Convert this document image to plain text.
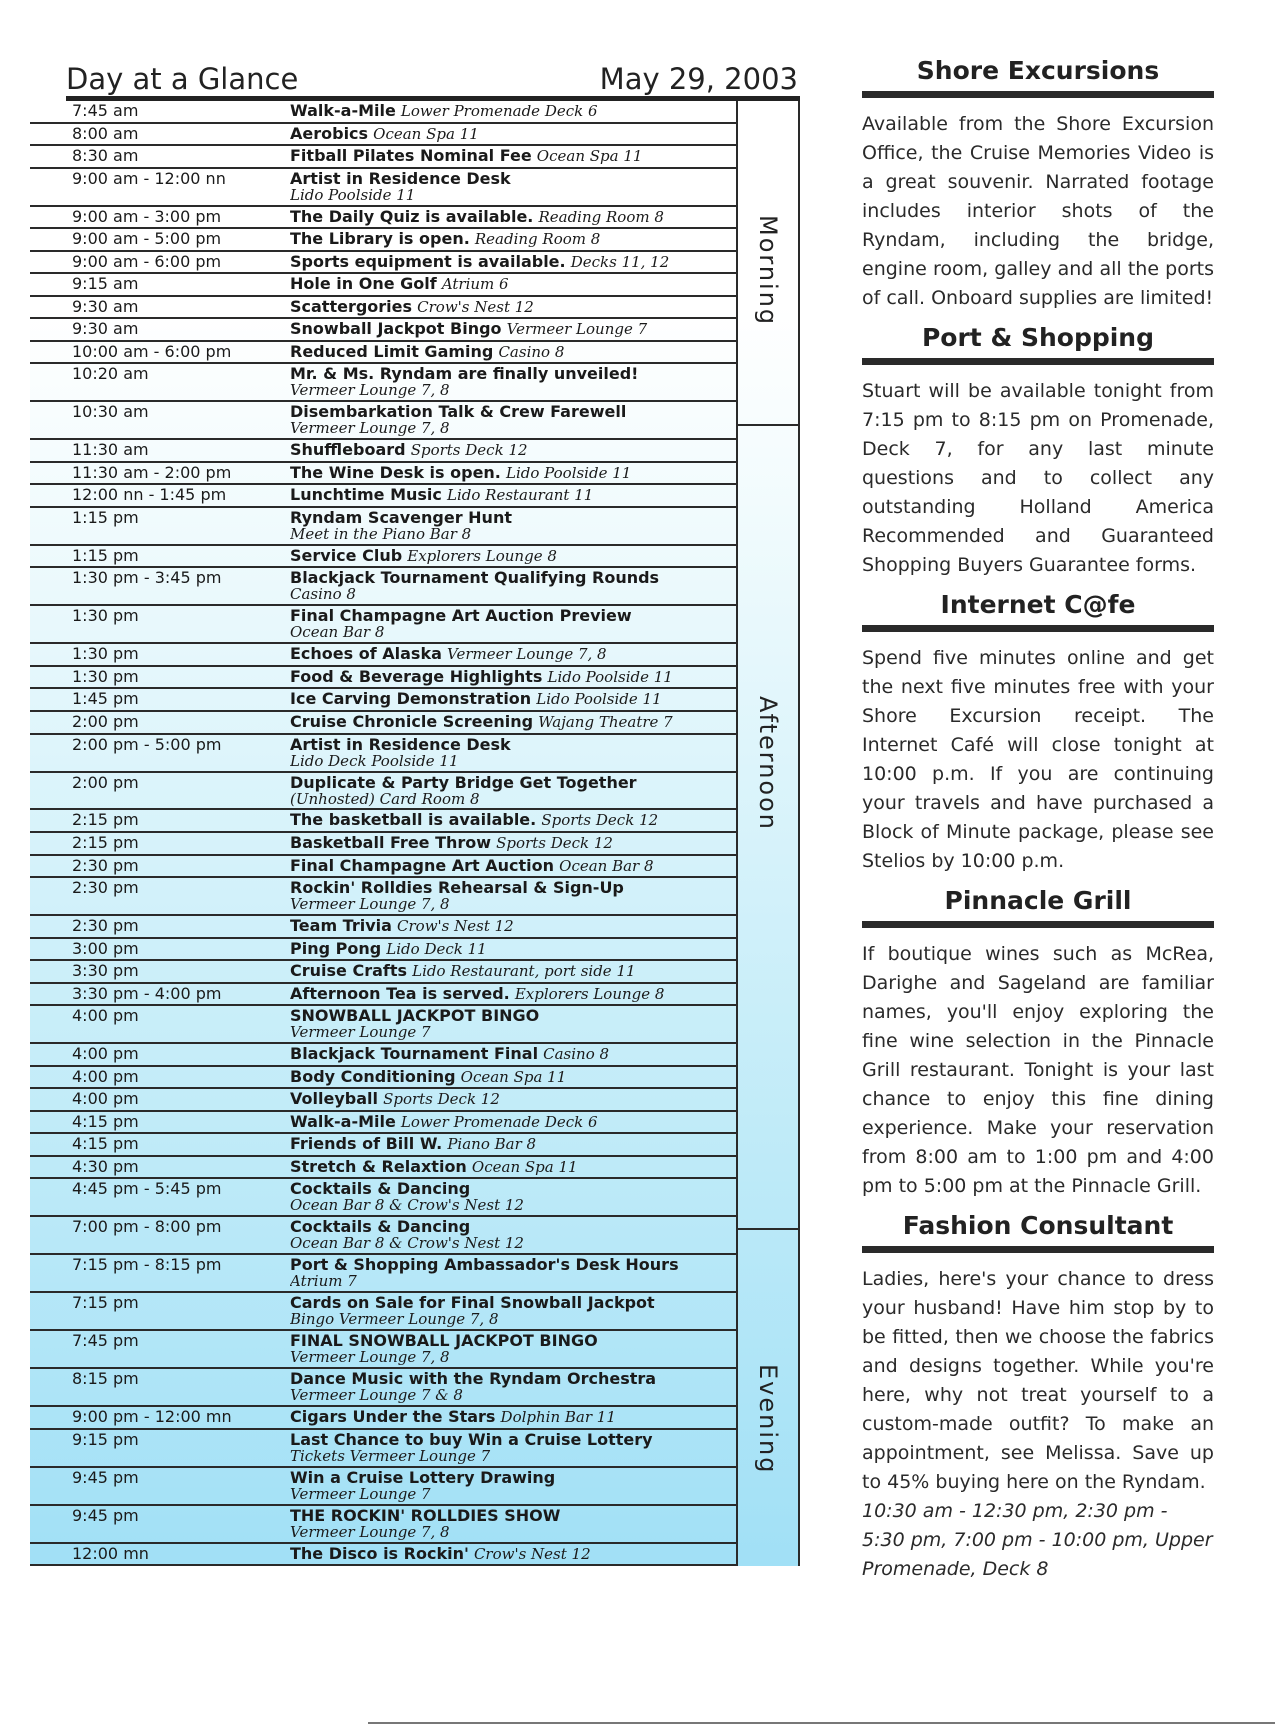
Day at a Glance	May 29, 2003
7:45 am	Walk-a-Mile Lower Promenade Deck 6
8:00 am	Aerobics Ocean Spa 11
8:30 am	Fitball Pilates Nominal Fee Ocean Spa 11
9:00 am - 12:00 nn	Artist in Residence Desk
Lido Poolside 11
9:00 am - 3:00 pm	The Daily Quiz is available. Reading Room 8
9:00 am - 5:00 pm	The Library is open. Reading Room 8
9:00 am - 6:00 pm	Sports equipment is available. Decks 11, 12
9:15 am	Hole in One Golf Atrium 6
9:30 am	Scattergories Crow's Nest 12
9:30 am	Snowball Jackpot Bingo Vermeer Lounge 7
10:00 am - 6:00 pm	Reduced Limit Gaming Casino 8
10:20 am	Mr. & Ms. Ryndam are finally unveiled!
Vermeer Lounge 7, 8
10:30 am	Disembarkation Talk & Crew Farewell
Vermeer Lounge 7, 8
11:30 am	Shuffleboard Sports Deck 12
11:30 am - 2:00 pm	The Wine Desk is open. Lido Poolside 11
12:00 nn - 1:45 pm	Lunchtime Music Lido Restaurant 11
1:15 pm	Ryndam Scavenger Hunt
Meet in the Piano Bar 8
1:15 pm	Service Club Explorers Lounge 8
1:30 pm - 3:45 pm	Blackjack Tournament Qualifying Rounds
Casino 8
1:30 pm	Final Champagne Art Auction Preview
Ocean Bar 8
1:30 pm	Echoes of Alaska Vermeer Lounge 7, 8
1:30 pm	Food & Beverage Highlights Lido Poolside 11
1:45 pm	Ice Carving Demonstration Lido Poolside 11
2:00 pm	Cruise Chronicle Screening Wajang Theatre 7
2:00 pm - 5:00 pm	Artist in Residence Desk
Lido Deck Poolside 11
2:00 pm	Duplicate & Party Bridge Get Together
(Unhosted) Card Room 8
2:15 pm	The basketball is available. Sports Deck 12
2:15 pm	Basketball Free Throw Sports Deck 12
2:30 pm	Final Champagne Art Auction Ocean Bar 8
2:30 pm	Rockin' Rolldies Rehearsal & Sign-Up
Vermeer Lounge 7, 8
2:30 pm	Team Trivia Crow's Nest 12
3:00 pm	Ping Pong Lido Deck 11
3:30 pm	Cruise Crafts Lido Restaurant, port side 11
3:30 pm - 4:00 pm	Afternoon Tea is served. Explorers Lounge 8
4:00 pm	SNOWBALL JACKPOT BINGO
Vermeer Lounge 7
4:00 pm	Blackjack Tournament Final Casino 8
4:00 pm	Body Conditioning Ocean Spa 11
4:00 pm	Volleyball Sports Deck 12
4:15 pm	Walk-a-Mile Lower Promenade Deck 6
4:15 pm	Friends of Bill W. Piano Bar 8
4:30 pm	Stretch & Relaxtion Ocean Spa 11
4:45 pm - 5:45 pm	Cocktails & Dancing
Ocean Bar 8 & Crow's Nest 12
7:00 pm - 8:00 pm	Cocktails & Dancing
Ocean Bar 8 & Crow's Nest 12
7:15 pm - 8:15 pm	Port & Shopping Ambassador's Desk Hours
Atrium 7
7:15 pm	Cards on Sale for Final Snowball Jackpot
Bingo Vermeer Lounge 7, 8
7:45 pm	FINAL SNOWBALL JACKPOT BINGO
Vermeer Lounge 7, 8
8:15 pm	Dance Music with the Ryndam Orchestra
Vermeer Lounge 7 & 8
9:00 pm - 12:00 mn	Cigars Under the Stars Dolphin Bar 11
9:15 pm	Last Chance to buy Win a Cruise Lottery
Tickets Vermeer Lounge 7
9:45 pm	Win a Cruise Lottery Drawing
Vermeer Lounge 7
9:45 pm	THE ROCKIN' ROLLDIES SHOW
Vermeer Lounge 7, 8
12:00 mn	The Disco is Rockin' Crow's Nest 12
Morning
Afternoon
Evening
Shore Excursions

Available from the Shore Excursion Office, the Cruise Memories Video is a great souvenir. Narrated footage includes interior shots of the Ryndam, including the bridge, engine room, galley and all the ports of call. Onboard supplies are limited!

Port & Shopping

Stuart will be available tonight from 7:15 pm to 8:15 pm on Promenade, Deck 7, for any last minute questions and to collect any outstanding Holland America Recommended and Guaranteed Shopping Buyers Guarantee forms.

Internet C@fe

Spend five minutes online and get the next five minutes free with your Shore Excursion receipt. The Internet Café will close tonight at 10:00 p.m. If you are continuing your travels and have purchased a Block of Minute package, please see Stelios by 10:00 p.m.

Pinnacle Grill

If boutique wines such as McRea, Darighe and Sageland are familiar names, you'll enjoy exploring the fine wine selection in the Pinnacle Grill restaurant. Tonight is your last chance to enjoy this fine dining experience. Make your reservation from 8:00 am to 1:00 pm and 4:00 pm to 5:00 pm at the Pinnacle Grill.

Fashion Consultant

Ladies, here's your chance to dress your husband! Have him stop by to be fitted, then we choose the fabrics and designs together. While you're here, why not treat yourself to a custom-made outfit? To make an appointment, see Melissa. Save up to 45% buying here on the Ryndam.

10:30 am - 12:30 pm, 2:30 pm - 5:30 pm, 7:00 pm - 10:00 pm, Upper Promenade, Deck 8
